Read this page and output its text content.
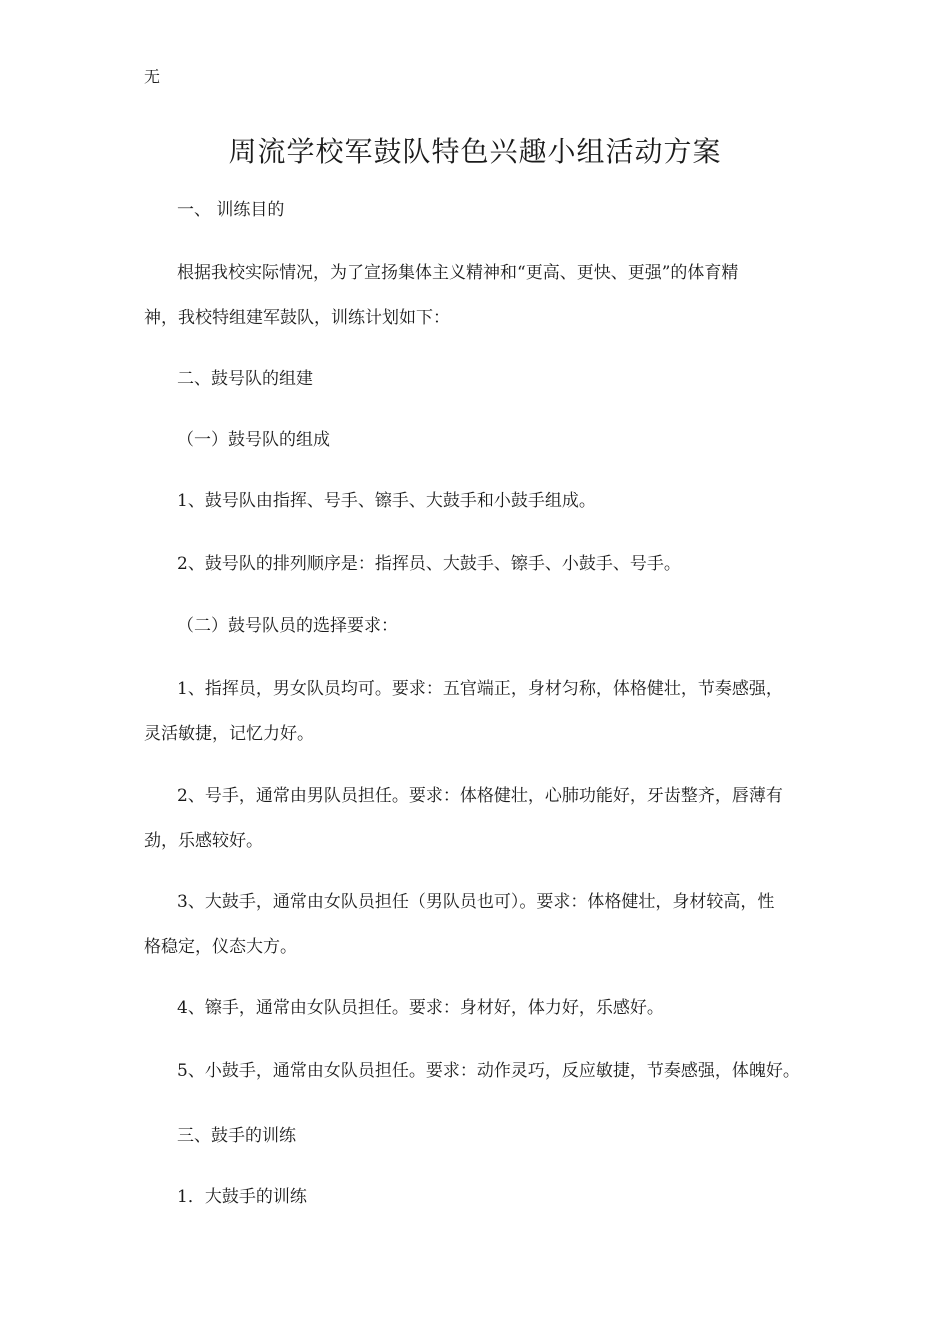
无
周流学校军鼓队特色兴趣小组活动方案
一、 训练目的
根据我校实际情况，为了宣扬集体主义精神和“更高、更快、更强”的体育精
神，我校特组建军鼓队，训练计划如下：
二、鼓号队的组建
（一）鼓号队的组成
1、鼓号队由指挥、号手、镲手、大鼓手和小鼓手组成。
2、鼓号队的排列顺序是：指挥员、大鼓手、镲手、小鼓手、号手。
（二）鼓号队员的选择要求：
1、指挥员，男女队员均可。要求：五官端正，身材匀称，体格健壮，节奏感强，
灵活敏捷，记忆力好。
2、号手，通常由男队员担任。要求：体格健壮，心肺功能好，牙齿整齐，唇薄有
劲，乐感较好。
3、大鼓手，通常由女队员担任（男队员也可）。要求：体格健壮，身材较高，性
格稳定，仪态大方。
4、镲手，通常由女队员担任。要求：身材好，体力好，乐感好。
5、小鼓手，通常由女队员担任。要求：动作灵巧，反应敏捷，节奏感强，体魄好。
三、鼓手的训练
1．大鼓手的训练
